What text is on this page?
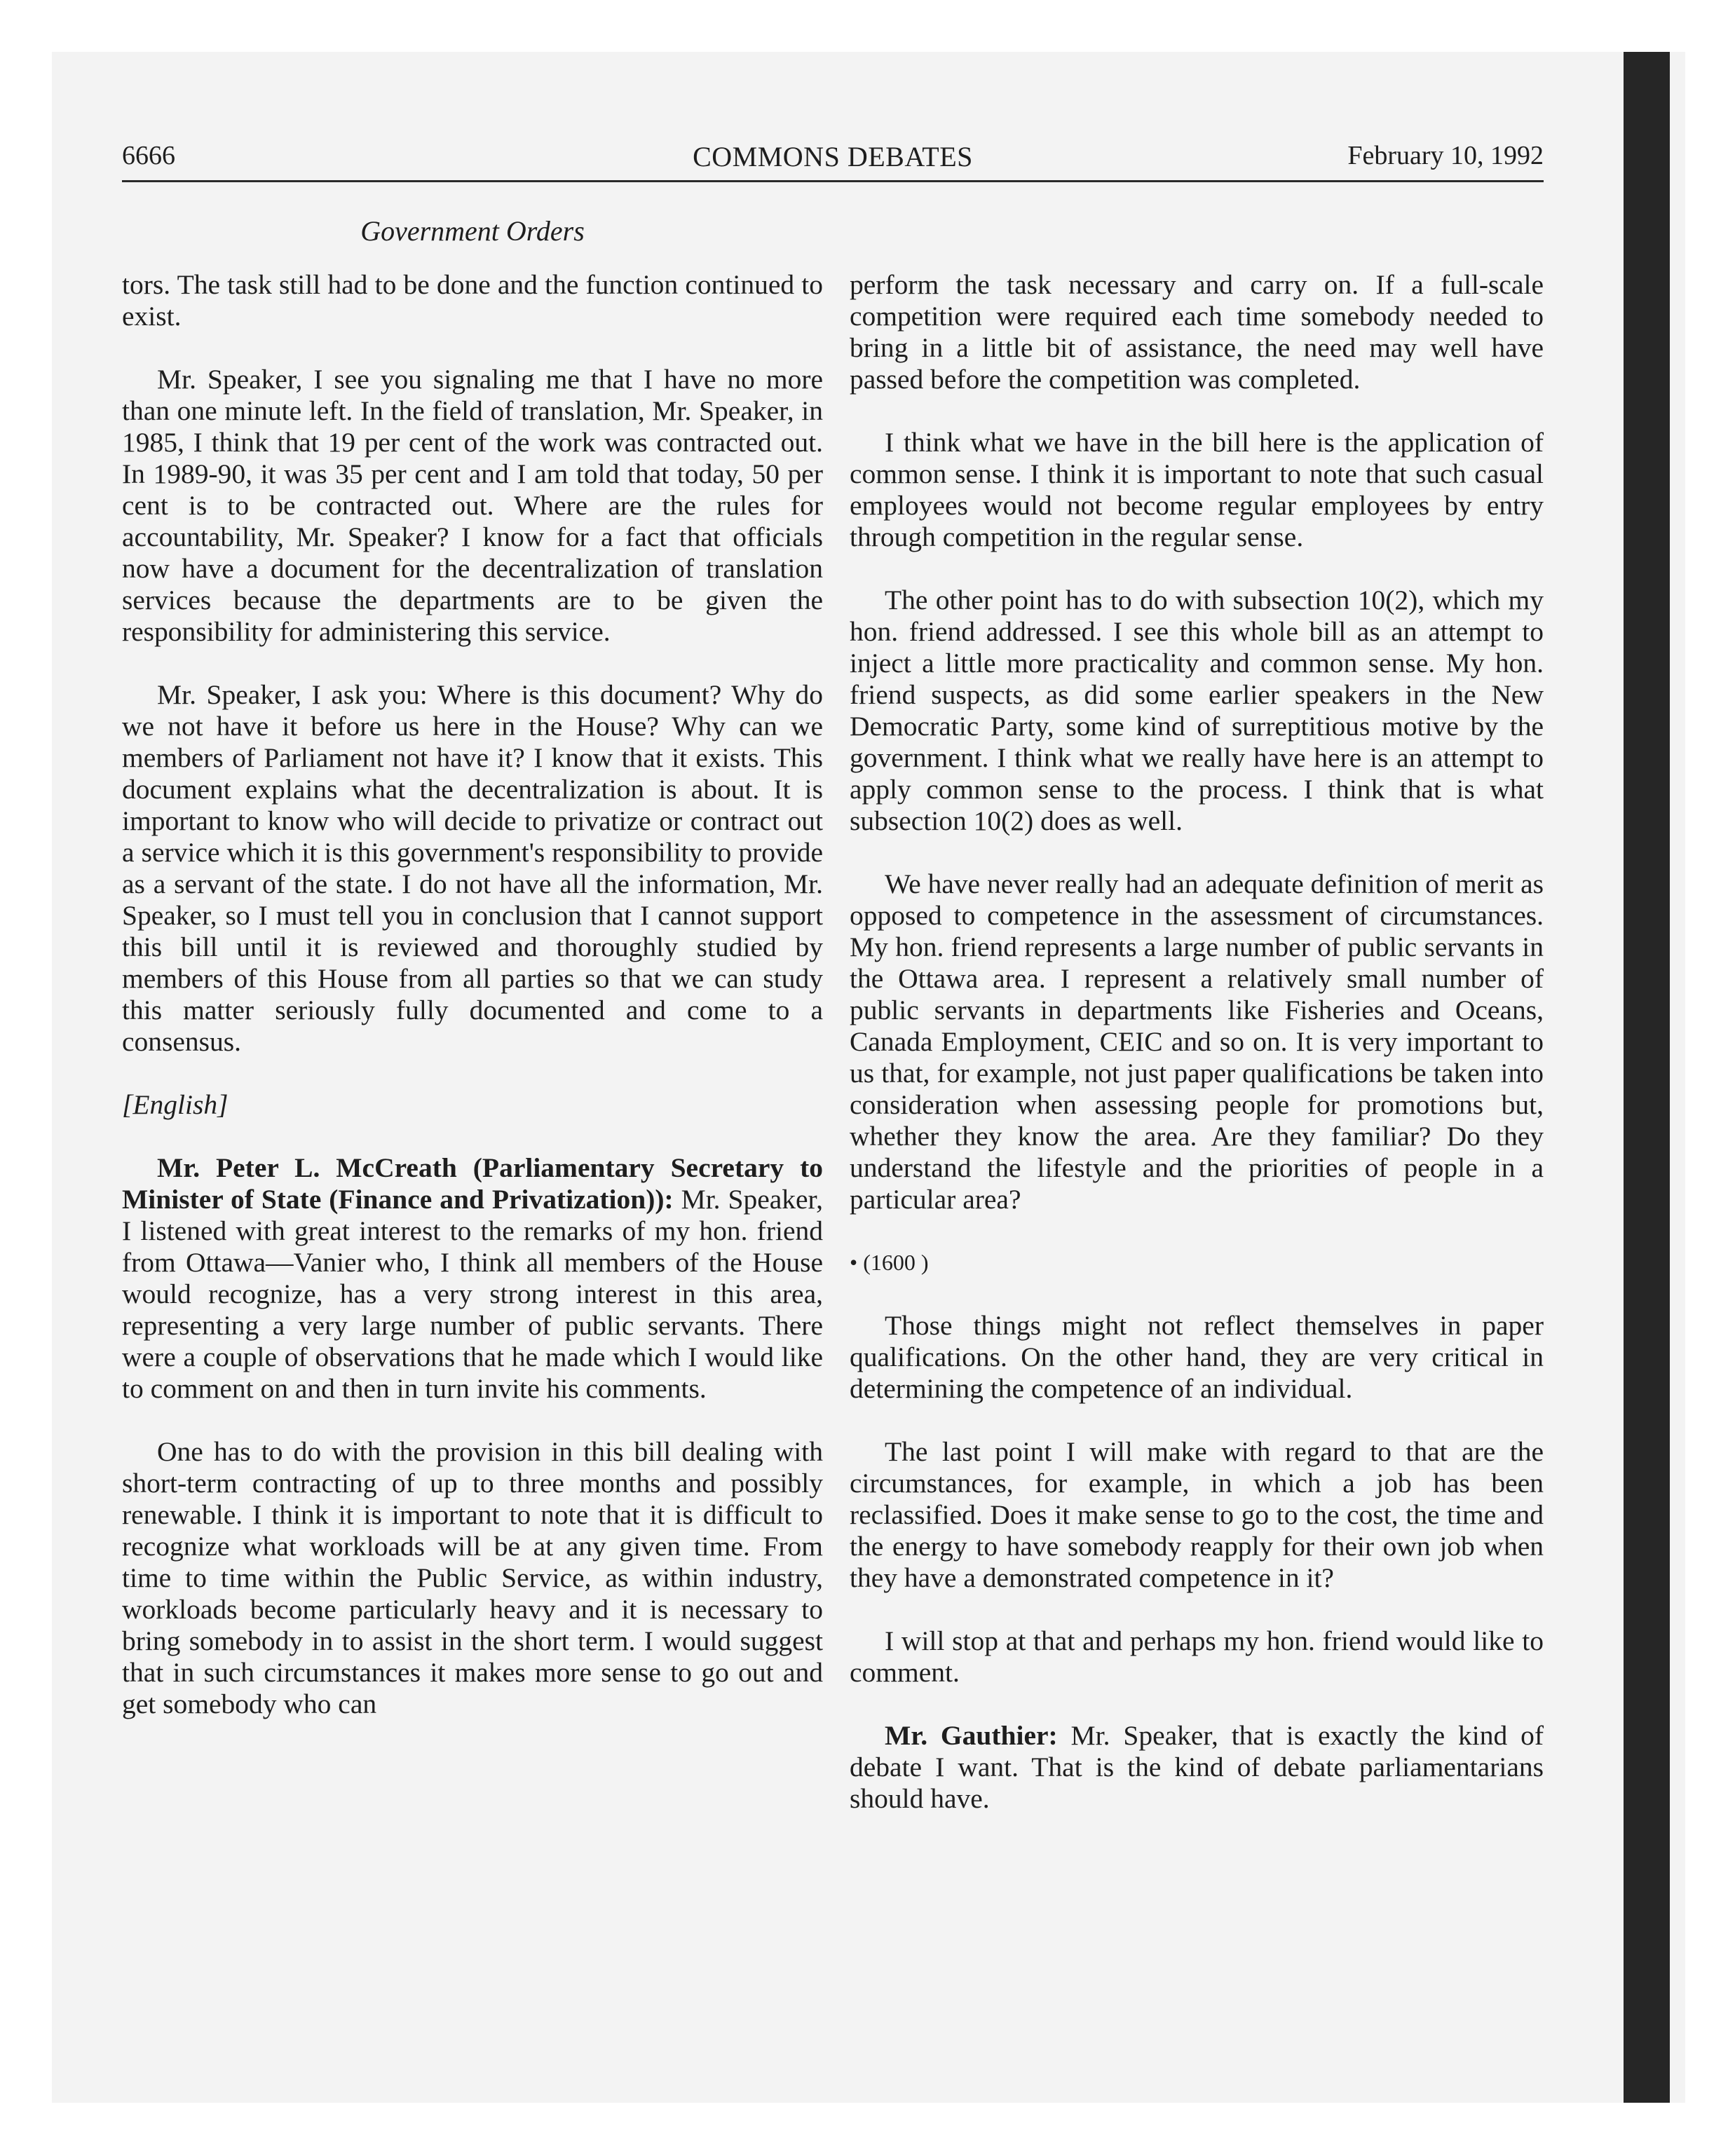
6666	COMMONS DEBATES	February 10, 1992
Government Orders

tors. The task still had to be done and the function continued to exist.

Mr. Speaker, I see you signaling me that I have no more than one minute left. In the field of translation, Mr. Speaker, in 1985, I think that 19 per cent of the work was contracted out. In 1989-90, it was 35 per cent and I am told that today, 50 per cent is to be contracted out. Where are the rules for accountability, Mr. Speaker? I know for a fact that officials now have a document for the decentralization of translation services because the departments are to be given the responsibility for administering this service.

Mr. Speaker, I ask you: Where is this document? Why do we not have it before us here in the House? Why can we members of Parliament not have it? I know that it exists. This document explains what the decentralization is about. It is important to know who will decide to privatize or contract out a service which it is this government's responsibility to provide as a servant of the state. I do not have all the information, Mr. Speaker, so I must tell you in conclusion that I cannot support this bill until it is reviewed and thoroughly studied by members of this House from all parties so that we can study this matter seriously fully documented and come to a consensus.

[English]

Mr. Peter L. McCreath (Parliamentary Secretary to Minister of State (Finance and Privatization)): Mr. Speaker, I listened with great interest to the remarks of my hon. friend from Ottawa—Vanier who, I think all members of the House would recognize, has a very strong interest in this area, representing a very large number of public servants. There were a couple of observations that he made which I would like to comment on and then in turn invite his comments.

One has to do with the provision in this bill dealing with short-term contracting of up to three months and possibly renewable. I think it is important to note that it is difficult to recognize what workloads will be at any given time. From time to time within the Public Service, as within industry, workloads become particularly heavy and it is necessary to bring somebody in to assist in the short term. I would suggest that in such circumstances it makes more sense to go out and get somebody who can

perform the task necessary and carry on. If a full-scale competition were required each time somebody needed to bring in a little bit of assistance, the need may well have passed before the competition was completed.

I think what we have in the bill here is the application of common sense. I think it is important to note that such casual employees would not become regular employees by entry through competition in the regular sense.

The other point has to do with subsection 10(2), which my hon. friend addressed. I see this whole bill as an attempt to inject a little more practicality and common sense. My hon. friend suspects, as did some earlier speakers in the New Democratic Party, some kind of surreptitious motive by the government. I think what we really have here is an attempt to apply common sense to the process. I think that is what subsection 10(2) does as well.

We have never really had an adequate definition of merit as opposed to competence in the assessment of circumstances. My hon. friend represents a large number of public servants in the Ottawa area. I represent a relatively small number of public servants in departments like Fisheries and Oceans, Canada Employment, CEIC and so on. It is very important to us that, for example, not just paper qualifications be taken into consideration when assessing people for promotions but, whether they know the area. Are they familiar? Do they understand the lifestyle and the priorities of people in a particular area?

• (1600 )

Those things might not reflect themselves in paper qualifications. On the other hand, they are very critical in determining the competence of an individual.

The last point I will make with regard to that are the circumstances, for example, in which a job has been reclassified. Does it make sense to go to the cost, the time and the energy to have somebody reapply for their own job when they have a demonstrated competence in it?

I will stop at that and perhaps my hon. friend would like to comment.

Mr. Gauthier: Mr. Speaker, that is exactly the kind of debate I want. That is the kind of debate parliamentarians should have.
